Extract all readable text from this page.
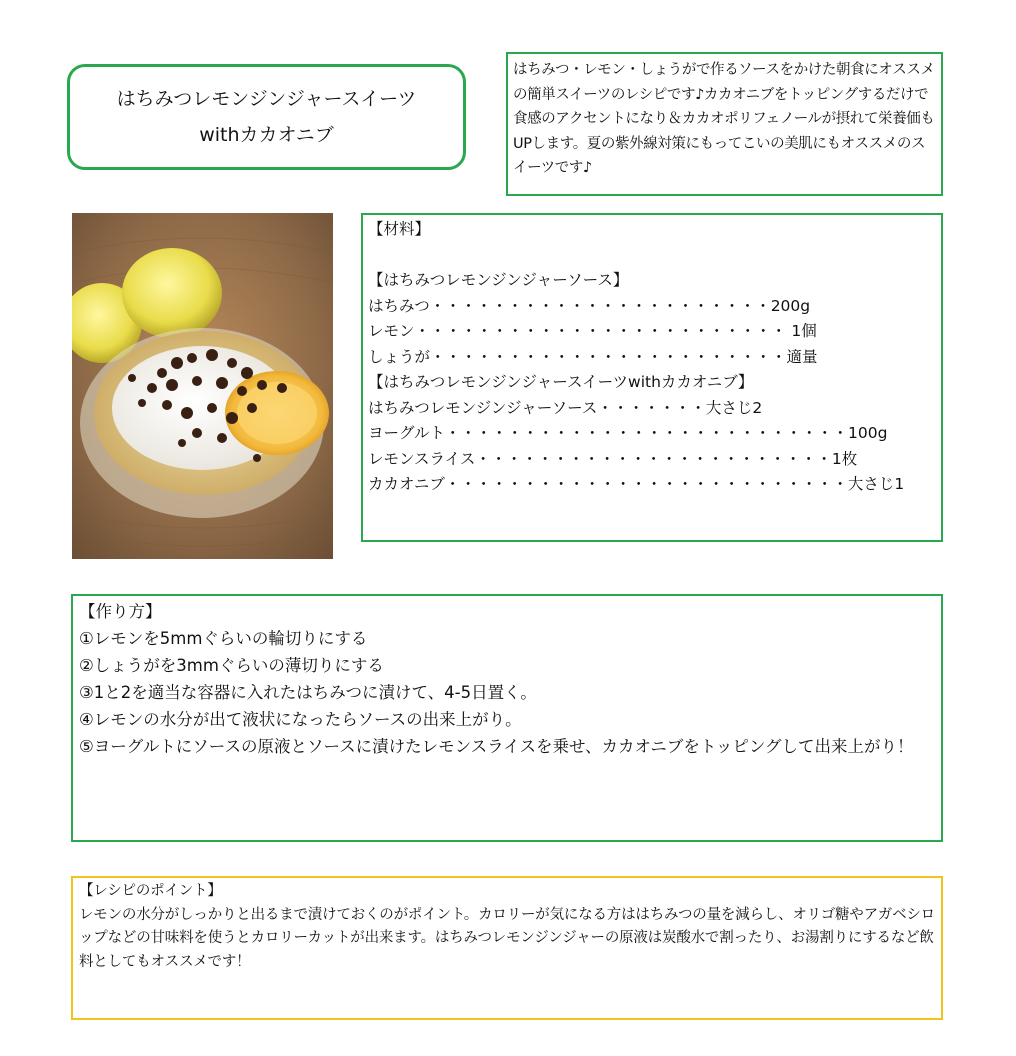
はちみつレモンジンジャースイーツ
withカカオニブ
はちみつ・レモン・しょうがで作るソースをかけた朝食にオススメの簡単スイーツのレシピです♪カカオニブをトッピングするだけで食感のアクセントになり＆カカオポリフェノールが摂れて栄養価もUPします。夏の紫外線対策にもってこいの美肌にもオススメのスイーツです♪
【材料】
【はちみつレモンジンジャーソース】
はちみつ・・・・・・・・・・・・・・・・・・・・・・200g
レモン・・・・・・・・・・・・・・・・・・・・・・・・ 1個
しょうが・・・・・・・・・・・・・・・・・・・・・・・適量
【はちみつレモンジンジャースイーツwithカカオニブ】
はちみつレモンジンジャーソース・・・・・・・大さじ2
ヨーグルト・・・・・・・・・・・・・・・・・・・・・・・・・・100g
レモンスライス・・・・・・・・・・・・・・・・・・・・・・・1枚
カカオニブ・・・・・・・・・・・・・・・・・・・・・・・・・・大さじ1
【作り方】
①レモンを5mmぐらいの輪切りにする
②しょうがを3mmぐらいの薄切りにする
③1と2を適当な容器に入れたはちみつに漬けて、4-5日置く。
④レモンの水分が出て液状になったらソースの出来上がり。
⑤ヨーグルトにソースの原液とソースに漬けたレモンスライスを乗せ、カカオニブをトッピングして出来上がり！
【レシピのポイント】
レモンの水分がしっかりと出るまで漬けておくのがポイント。カロリーが気になる方ははちみつの量を減らし、オリゴ糖やアガベシロップなどの甘味料を使うとカロリーカットが出来ます。はちみつレモンジンジャーの原液は炭酸水で割ったり、お湯割りにするなど飲料としてもオススメです！
